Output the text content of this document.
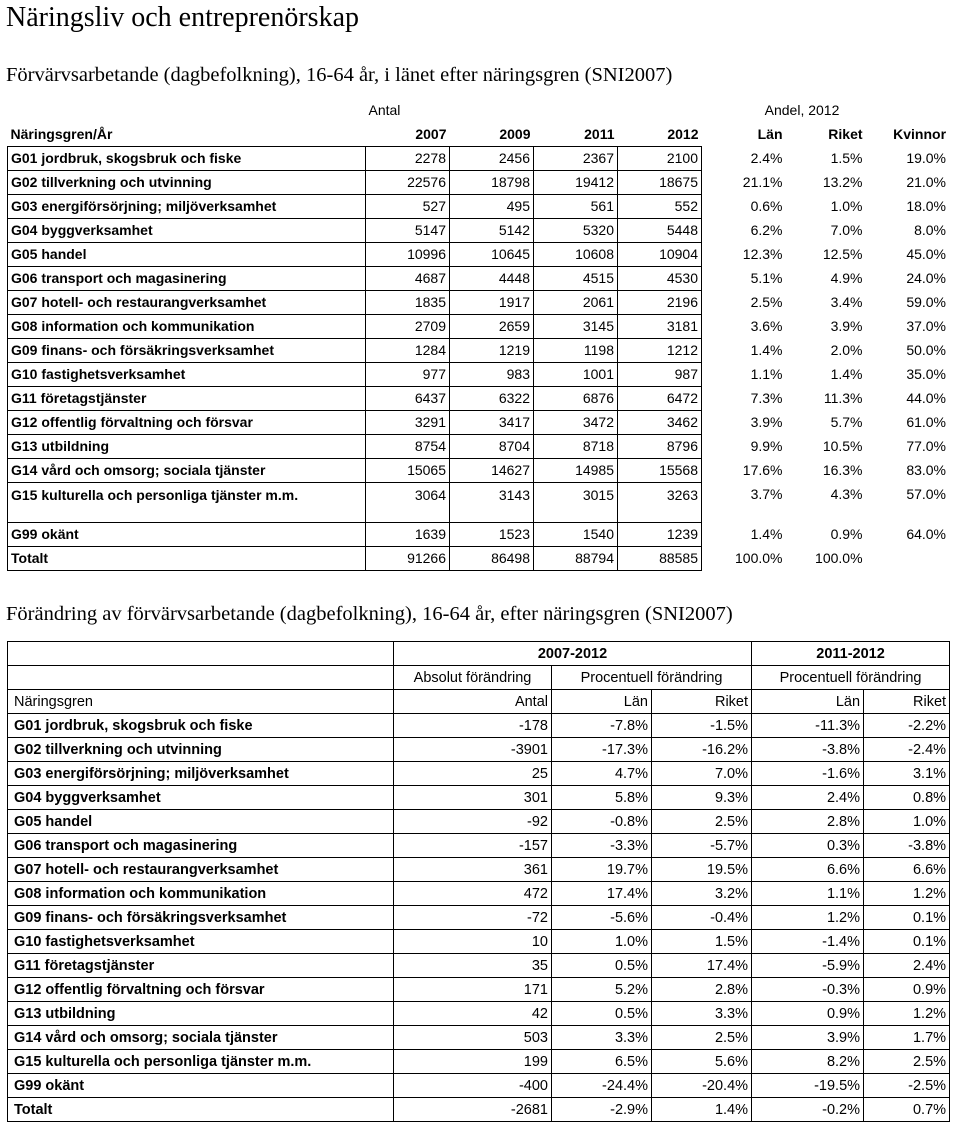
Näringsliv och entreprenörskap
Förvärvsarbetande (dagbefolkning), 16-64 år, i länet efter näringsgren (SNI2007)
	Antal				Andel, 2012		
Näringsgren/År	2007	2009	2011	2012	Län	Riket	Kvinnor
G01 jordbruk, skogsbruk och fiske	2278	2456	2367	2100	2.4%	1.5%	19.0%
G02 tillverkning och utvinning	22576	18798	19412	18675	21.1%	13.2%	21.0%
G03 energiförsörjning; miljöverksamhet	527	495	561	552	0.6%	1.0%	18.0%
G04 byggverksamhet	5147	5142	5320	5448	6.2%	7.0%	8.0%
G05 handel	10996	10645	10608	10904	12.3%	12.5%	45.0%
G06 transport och magasinering	4687	4448	4515	4530	5.1%	4.9%	24.0%
G07 hotell- och restaurangverksamhet	1835	1917	2061	2196	2.5%	3.4%	59.0%
G08 information och kommunikation	2709	2659	3145	3181	3.6%	3.9%	37.0%
G09 finans- och försäkringsverksamhet	1284	1219	1198	1212	1.4%	2.0%	50.0%
G10 fastighetsverksamhet	977	983	1001	987	1.1%	1.4%	35.0%
G11 företagstjänster	6437	6322	6876	6472	7.3%	11.3%	44.0%
G12 offentlig förvaltning och försvar	3291	3417	3472	3462	3.9%	5.7%	61.0%
G13 utbildning	8754	8704	8718	8796	9.9%	10.5%	77.0%
G14 vård och omsorg; sociala tjänster	15065	14627	14985	15568	17.6%	16.3%	83.0%
G15 kulturella och personliga tjänster m.m.	3064	3143	3015	3263	3.7%	4.3%	57.0%
G99 okänt	1639	1523	1540	1239	1.4%	0.9%	64.0%
Totalt	91266	86498	88794	88585	100.0%	100.0%	
Förändring av förvärvsarbetande (dagbefolkning), 16-64 år, efter näringsgren (SNI2007)
	2007-2012			2011-2012	
	Absolut förändring	Procentuell förändring		Procentuell förändring	
Näringsgren	Antal	Län	Riket	Län	Riket
G01 jordbruk, skogsbruk och fiske	-178	-7.8%	-1.5%	-11.3%	-2.2%
G02 tillverkning och utvinning	-3901	-17.3%	-16.2%	-3.8%	-2.4%
G03 energiförsörjning; miljöverksamhet	25	4.7%	7.0%	-1.6%	3.1%
G04 byggverksamhet	301	5.8%	9.3%	2.4%	0.8%
G05 handel	-92	-0.8%	2.5%	2.8%	1.0%
G06 transport och magasinering	-157	-3.3%	-5.7%	0.3%	-3.8%
G07 hotell- och restaurangverksamhet	361	19.7%	19.5%	6.6%	6.6%
G08 information och kommunikation	472	17.4%	3.2%	1.1%	1.2%
G09 finans- och försäkringsverksamhet	-72	-5.6%	-0.4%	1.2%	0.1%
G10 fastighetsverksamhet	10	1.0%	1.5%	-1.4%	0.1%
G11 företagstjänster	35	0.5%	17.4%	-5.9%	2.4%
G12 offentlig förvaltning och försvar	171	5.2%	2.8%	-0.3%	0.9%
G13 utbildning	42	0.5%	3.3%	0.9%	1.2%
G14 vård och omsorg; sociala tjänster	503	3.3%	2.5%	3.9%	1.7%
G15 kulturella och personliga tjänster m.m.	199	6.5%	5.6%	8.2%	2.5%
G99 okänt	-400	-24.4%	-20.4%	-19.5%	-2.5%
Totalt	-2681	-2.9%	1.4%	-0.2%	0.7%
